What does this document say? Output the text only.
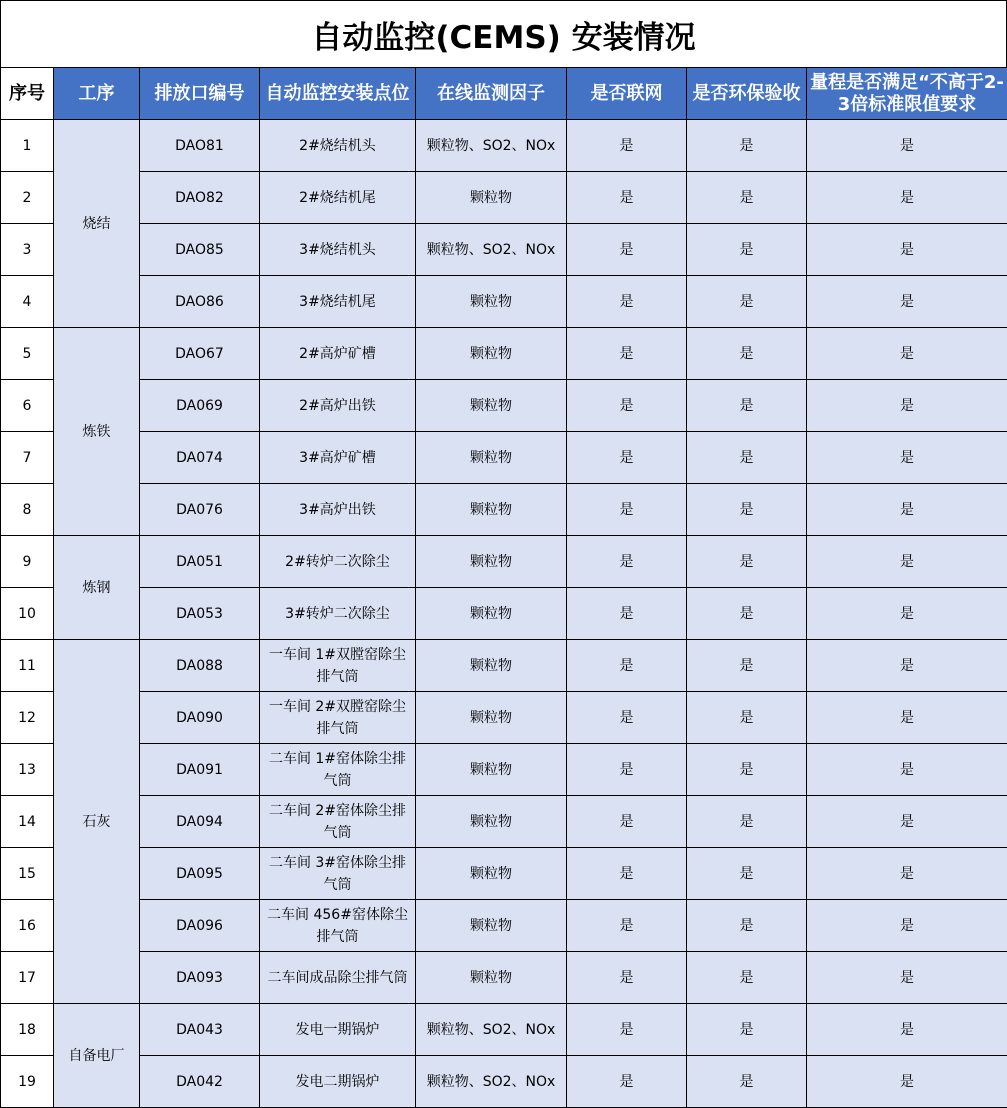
自动监控(CEMS) 安装情况
序号	工序	排放口编号	自动监控安装点位	在线监测因子	是否联网	是否环保验收	量程是否满足“不高于2-3倍标准限值要求
1	烧结	DAO81	2#烧结机头	颗粒物、SO2、NOx	是	是	是
2		DAO82	2#烧结机尾	颗粒物	是	是	是
3		DAO85	3#烧结机头	颗粒物、SO2、NOx	是	是	是
4		DAO86	3#烧结机尾	颗粒物	是	是	是
5	炼铁	DAO67	2#高炉矿槽	颗粒物	是	是	是
6		DA069	2#高炉出铁	颗粒物	是	是	是
7		DA074	3#高炉矿槽	颗粒物	是	是	是
8		DA076	3#高炉出铁	颗粒物	是	是	是
9	炼钢	DA051	2#转炉二次除尘	颗粒物	是	是	是
10		DA053	3#转炉二次除尘	颗粒物	是	是	是
11	石灰	DA088	一车间 1#双膛窑除尘排气筒	颗粒物	是	是	是
12		DA090	一车间 2#双膛窑除尘排气筒	颗粒物	是	是	是
13		DA091	二车间 1#窑体除尘排气筒	颗粒物	是	是	是
14		DA094	二车间 2#窑体除尘排气筒	颗粒物	是	是	是
15		DA095	二车间 3#窑体除尘排气筒	颗粒物	是	是	是
16		DA096	二车间 456#窑体除尘排气筒	颗粒物	是	是	是
17		DA093	二车间成品除尘排气筒	颗粒物	是	是	是
18	自备电厂	DA043	发电一期锅炉	颗粒物、SO2、NOx	是	是	是
19		DA042	发电二期锅炉	颗粒物、SO2、NOx	是	是	是
